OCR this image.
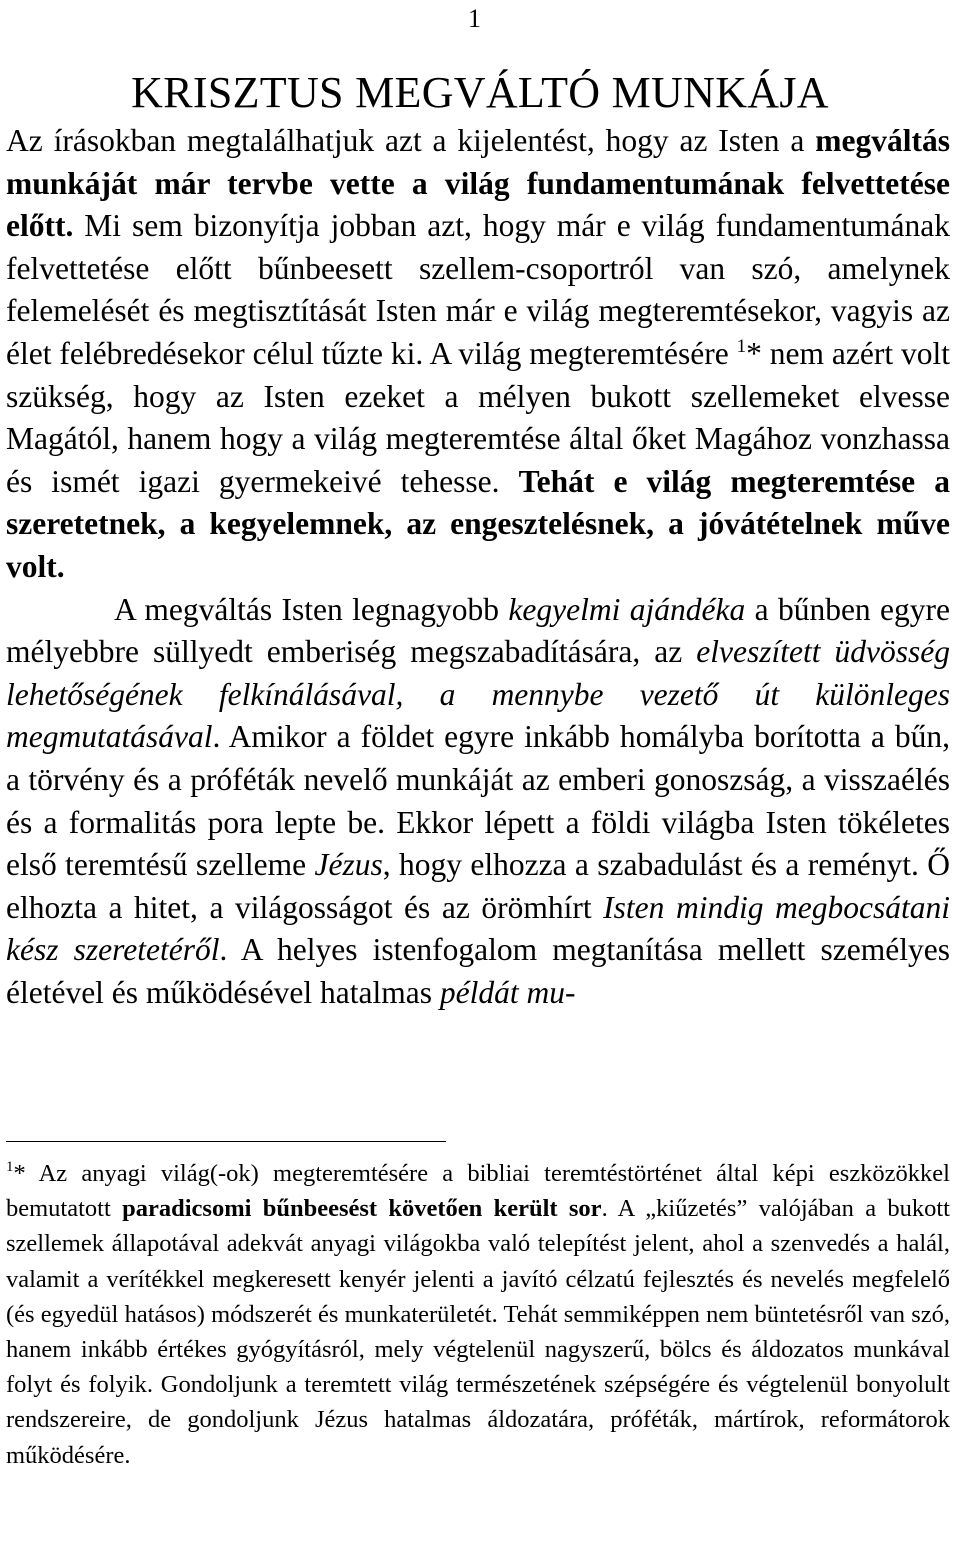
1
KRISZTUS MEGVÁLTÓ MUNKÁJA

Az írásokban megtalálhatjuk azt a kijelentést, hogy az Isten a megváltás munkáját már tervbe vette a világ fundamentumának felvettetése előtt. Mi sem bizonyítja jobban azt, hogy már e világ fundamentumának felvettetése előtt bűnbeesett szellem-csoportról van szó, amelynek felemelését és megtisztítását Isten már e világ megteremtésekor, vagyis az élet felébredésekor célul tűzte ki. A világ megteremtésére $^1$* nem azért volt szükség, hogy az Isten ezeket a mélyen bukott szellemeket elvesse Magától, hanem hogy a világ megteremtése által őket Magához vonzhassa és ismét igazi gyermekeivé tehesse. Tehát e világ megteremtése a szeretetnek, a kegyelemnek, az engesztelésnek, a jóvátételnek műve volt.

A megváltás Isten legnagyobb kegyelmi ajándéka a bűnben egyre mélyebbre süllyedt emberiség megszabadítására, az elveszített üdvösség lehetőségének felkínálásával, a mennybe vezető út különleges megmutatásával. Amikor a földet egyre inkább homályba borította a bűn, a törvény és a próféták nevelő munkáját az emberi gonoszság, a visszaélés és a formalitás pora lepte be. Ekkor lépett a földi világba Isten tökéletes első teremtésű szelleme Jézus, hogy elhozza a szabadulást és a reményt. Ő elhozta a hitet, a világosságot és az örömhírt Isten mindig megbocsátani kész szeretetéről. A helyes istenfogalom megtanítása mellett személyes életével és működésével hatalmas példát mu-

$^1$* Az anyagi világ(-ok) megteremtésére a bibliai teremtéstörténet által képi eszközökkel bemutatott paradicsomi bűnbeesést követően került sor. A „kiűzetés” valójában a bukott szellemek állapotával adekvát anyagi világokba való telepítést jelent, ahol a szenvedés a halál, valamit a verítékkel megkeresett kenyér jelenti a javító célzatú fejlesztés és nevelés megfelelő (és egyedül hatásos) módszerét és munkaterületét. Tehát semmiképpen nem büntetésről van szó, hanem inkább értékes gyógyításról, mely végtelenül nagyszerű, bölcs és áldozatos munkával folyt és folyik. Gondoljunk a teremtett világ természetének szépségére és végtelenül bonyolult rendszereire, de gondoljunk Jézus hatalmas áldozatára, próféták, mártírok, reformátorok működésére.
